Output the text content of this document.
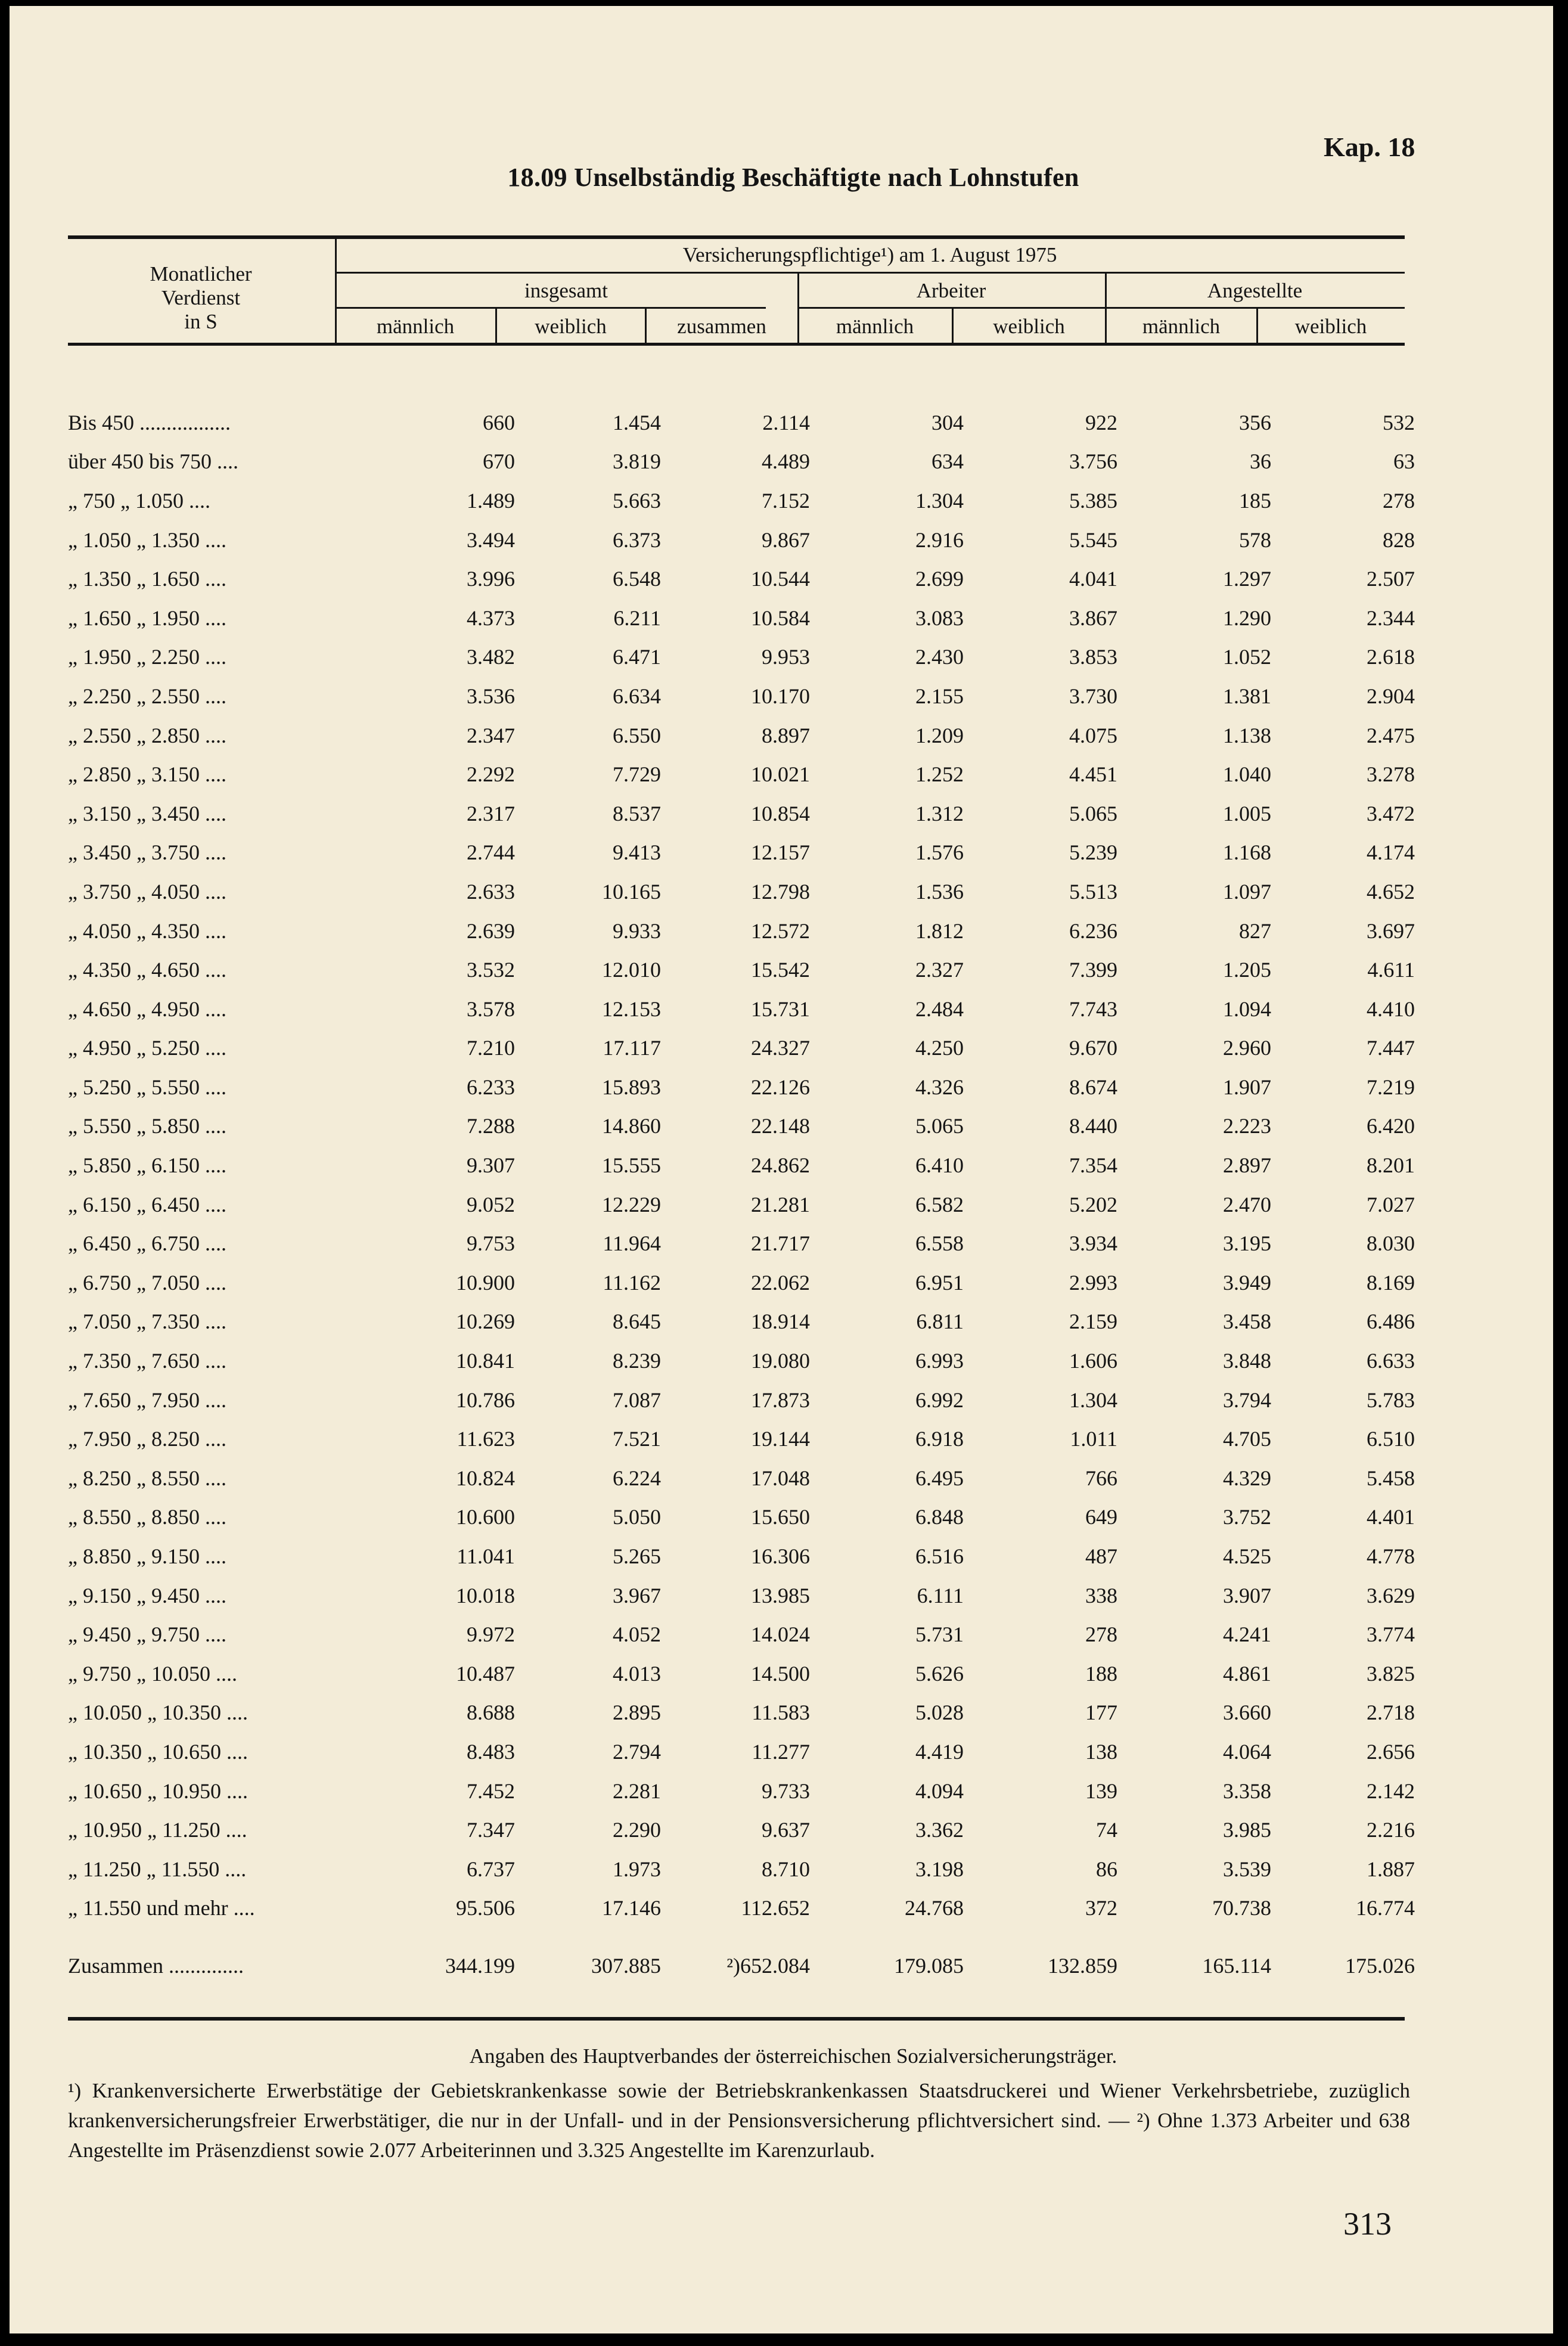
Kap. 18
18.09 Unselbständig Beschäftigte nach Lohnstufen
Monatlicher
Verdienst
in S
Versicherungspflichtige¹) am 1. August 1975
insgesamt	Arbeiter	Angestellte
männlich	weiblich	zusammen	männlich	weiblich	männlich	weiblich
Bis 450 .................	660	1.454	2.114	304	922	356	532
über 450 bis 750 ....	670	3.819	4.489	634	3.756	36	63
„ 750 „ 1.050 ....	1.489	5.663	7.152	1.304	5.385	185	278
„ 1.050 „ 1.350 ....	3.494	6.373	9.867	2.916	5.545	578	828
„ 1.350 „ 1.650 ....	3.996	6.548	10.544	2.699	4.041	1.297	2.507
„ 1.650 „ 1.950 ....	4.373	6.211	10.584	3.083	3.867	1.290	2.344
„ 1.950 „ 2.250 ....	3.482	6.471	9.953	2.430	3.853	1.052	2.618
„ 2.250 „ 2.550 ....	3.536	6.634	10.170	2.155	3.730	1.381	2.904
„ 2.550 „ 2.850 ....	2.347	6.550	8.897	1.209	4.075	1.138	2.475
„ 2.850 „ 3.150 ....	2.292	7.729	10.021	1.252	4.451	1.040	3.278
„ 3.150 „ 3.450 ....	2.317	8.537	10.854	1.312	5.065	1.005	3.472
„ 3.450 „ 3.750 ....	2.744	9.413	12.157	1.576	5.239	1.168	4.174
„ 3.750 „ 4.050 ....	2.633	10.165	12.798	1.536	5.513	1.097	4.652
„ 4.050 „ 4.350 ....	2.639	9.933	12.572	1.812	6.236	827	3.697
„ 4.350 „ 4.650 ....	3.532	12.010	15.542	2.327	7.399	1.205	4.611
„ 4.650 „ 4.950 ....	3.578	12.153	15.731	2.484	7.743	1.094	4.410
„ 4.950 „ 5.250 ....	7.210	17.117	24.327	4.250	9.670	2.960	7.447
„ 5.250 „ 5.550 ....	6.233	15.893	22.126	4.326	8.674	1.907	7.219
„ 5.550 „ 5.850 ....	7.288	14.860	22.148	5.065	8.440	2.223	6.420
„ 5.850 „ 6.150 ....	9.307	15.555	24.862	6.410	7.354	2.897	8.201
„ 6.150 „ 6.450 ....	9.052	12.229	21.281	6.582	5.202	2.470	7.027
„ 6.450 „ 6.750 ....	9.753	11.964	21.717	6.558	3.934	3.195	8.030
„ 6.750 „ 7.050 ....	10.900	11.162	22.062	6.951	2.993	3.949	8.169
„ 7.050 „ 7.350 ....	10.269	8.645	18.914	6.811	2.159	3.458	6.486
„ 7.350 „ 7.650 ....	10.841	8.239	19.080	6.993	1.606	3.848	6.633
„ 7.650 „ 7.950 ....	10.786	7.087	17.873	6.992	1.304	3.794	5.783
„ 7.950 „ 8.250 ....	11.623	7.521	19.144	6.918	1.011	4.705	6.510
„ 8.250 „ 8.550 ....	10.824	6.224	17.048	6.495	766	4.329	5.458
„ 8.550 „ 8.850 ....	10.600	5.050	15.650	6.848	649	3.752	4.401
„ 8.850 „ 9.150 ....	11.041	5.265	16.306	6.516	487	4.525	4.778
„ 9.150 „ 9.450 ....	10.018	3.967	13.985	6.111	338	3.907	3.629
„ 9.450 „ 9.750 ....	9.972	4.052	14.024	5.731	278	4.241	3.774
„ 9.750 „ 10.050 ....	10.487	4.013	14.500	5.626	188	4.861	3.825
„ 10.050 „ 10.350 ....	8.688	2.895	11.583	5.028	177	3.660	2.718
„ 10.350 „ 10.650 ....	8.483	2.794	11.277	4.419	138	4.064	2.656
„ 10.650 „ 10.950 ....	7.452	2.281	9.733	4.094	139	3.358	2.142
„ 10.950 „ 11.250 ....	7.347	2.290	9.637	3.362	74	3.985	2.216
„ 11.250 „ 11.550 ....	6.737	1.973	8.710	3.198	86	3.539	1.887
„ 11.550 und mehr ....	95.506	17.146	112.652	24.768	372	70.738	16.774
Zusammen ..............	344.199	307.885	²)652.084	179.085	132.859	165.114	175.026
Angaben des Hauptverbandes der österreichischen Sozialversicherungsträger.
¹) Krankenversicherte Erwerbstätige der Gebietskrankenkasse sowie der Betriebskrankenkassen Staatsdruckerei und Wiener Verkehrsbetriebe, zuzüglich krankenversicherungsfreier Erwerbstätiger, die nur in der Unfall- und in der Pensionsversicherung pflichtversichert sind. — ²) Ohne 1.373 Arbeiter und 638 Angestellte im Präsenzdienst sowie 2.077 Arbeiterinnen und 3.325 Angestellte im Karenzurlaub.
313
